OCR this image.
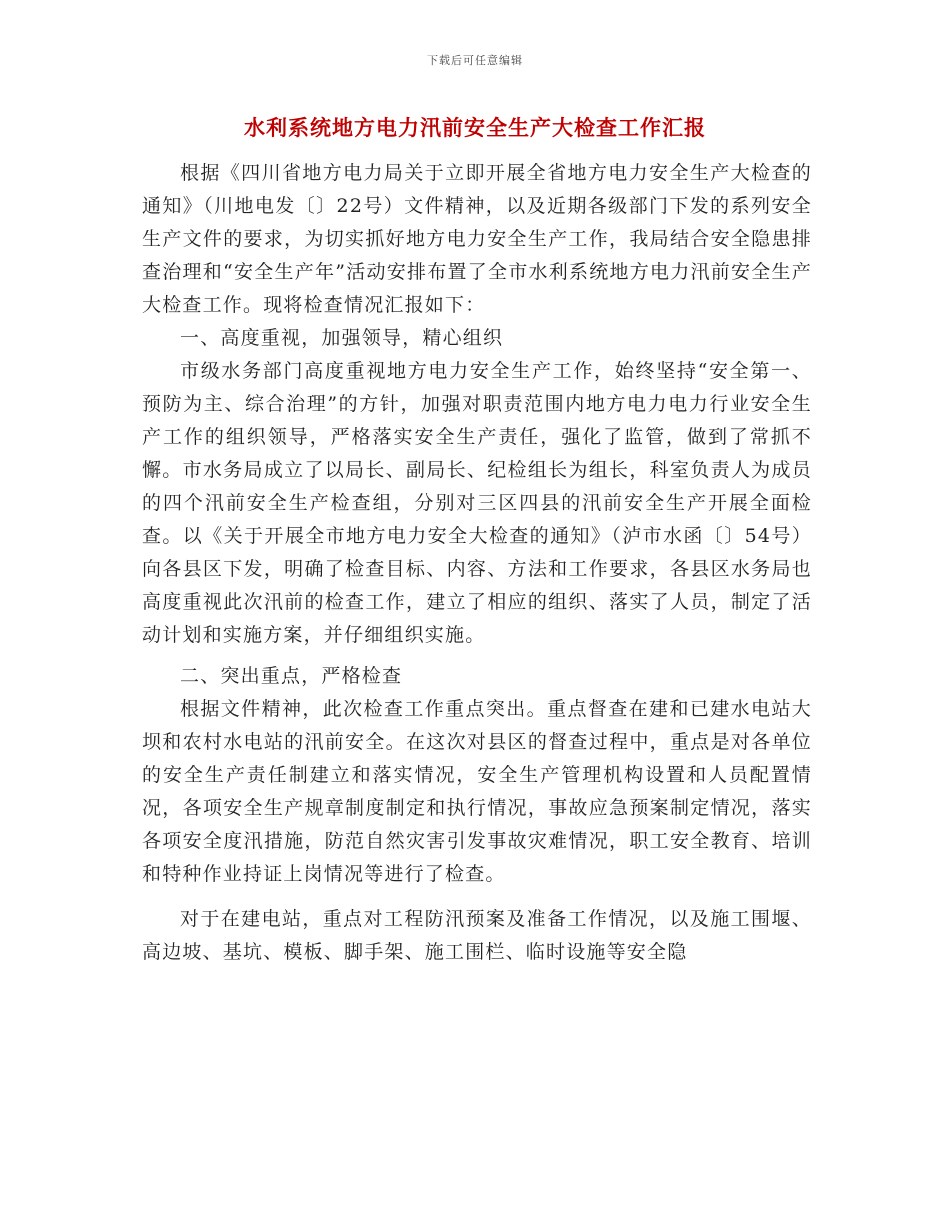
下载后可任意编辑
水利系统地方电力汛前安全生产大检查工作汇报

根据《四川省地方电力局关于立即开展全省地方电力安全生产大检查的通知》（川地电发〔〕22号）文件精神，以及近期各级部门下发的系列安全生产文件的要求，为切实抓好地方电力安全生产工作，我局结合安全隐患排查治理和“安全生产年”活动安排布置了全市水利系统地方电力汛前安全生产大检查工作。现将检查情况汇报如下：

一、高度重视，加强领导，精心组织

市级水务部门高度重视地方电力安全生产工作，始终坚持“安全第一、预防为主、综合治理”的方针，加强对职责范围内地方电力电力行业安全生产工作的组织领导，严格落实安全生产责任，强化了监管，做到了常抓不懈。市水务局成立了以局长、副局长、纪检组长为组长，科室负责人为成员的四个汛前安全生产检查组，分别对三区四县的汛前安全生产开展全面检查。以《关于开展全市地方电力安全大检查的通知》（泸市水函〔〕54号）向各县区下发，明确了检查目标、内容、方法和工作要求，各县区水务局也高度重视此次汛前的检查工作，建立了相应的组织、落实了人员，制定了活动计划和实施方案，并仔细组织实施。

二、突出重点，严格检查

根据文件精神，此次检查工作重点突出。重点督查在建和已建水电站大坝和农村水电站的汛前安全。在这次对县区的督查过程中，重点是对各单位的安全生产责任制建立和落实情况，安全生产管理机构设置和人员配置情况，各项安全生产规章制度制定和执行情况，事故应急预案制定情况，落实各项安全度汛措施，防范自然灾害引发事故灾难情况，职工安全教育、培训和特种作业持证上岗情况等进行了检查。

对于在建电站，重点对工程防汛预案及准备工作情况，以及施工围堰、高边坡、基坑、模板、脚手架、施工围栏、临时设施等安全隐
